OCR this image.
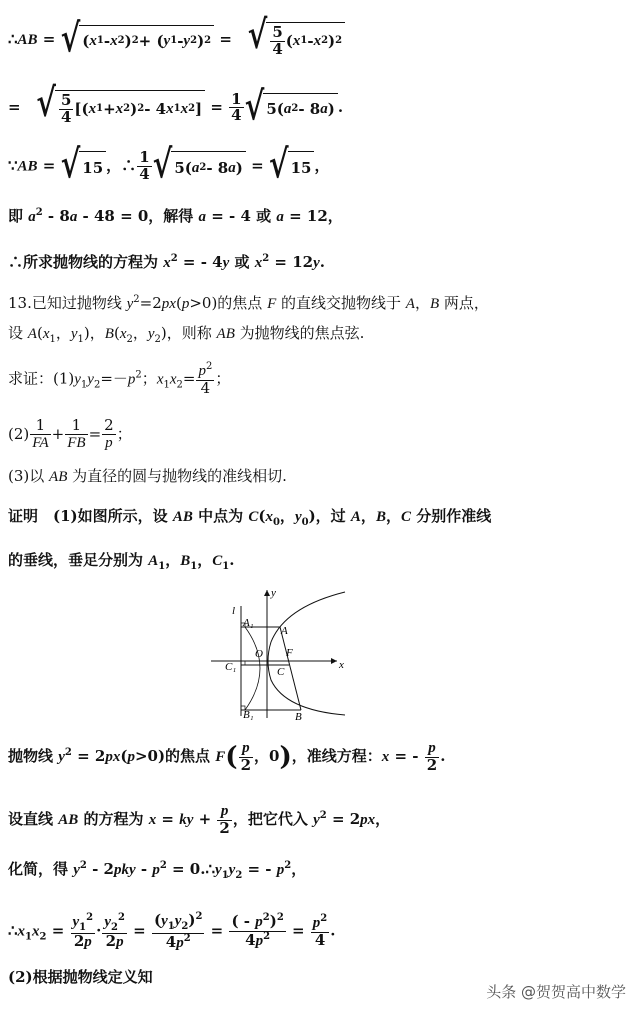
∴AB = √ ( x 1 - x 2 ) 2 + ( y 1 - y 2 ) 2 = √ $\frac{5}{4}$ ( x 1 - x 2 ) 2
= √ $\frac{5}{4}$ [( x 1 + x 2 ) 2 - 4 x 1 x 2 ] = $\frac{1}{4}$ √ 5( a 2 - 8 a ) .
∵AB = √ 15 ，∴ $\frac{1}{4}$ √ 5( a 2 - 8 a ) = √ 15 ，
即 $a^2 - 8a - 48 = 0$，解得 a = - 4 或 a = 12，
∴所求抛物线的方程为 $x^2$ = - 4y 或 $x^2 = 12y$.
13.已知过抛物线 $y^2=2px(p>0)$的焦点 F 的直线交抛物线于 A，B 两点，
设 $A(x_1$，$y_1$)，$B(x_2$，$y_2$)，则称 AB 为抛物线的焦点弦.
求证：$(1)y_1y_2=-p^2$；$x_1x_2= \frac{p^2}{4}$ ；
$(2) \frac{1}{FA} + \frac{1}{FB} = \frac{2}{p}$ ；
(3)以 AB 为直径的圆与抛物线的准线相切.
证明　(1)如图所示，设 AB 中点为 $C(x_0$，$y_0$)，过 A，B，C 分别作准线
的垂线，垂足分别为 $A_1$，$B_1$，$C_1$.
y
x
l
A₁
A
O F
C₁	C
B₁	B
抛物线 $y^2 = 2px(p>0)$的焦点 $F( \frac{p}{2}$ ，0)，准线方程：x = - $\frac{p}{2}$ .
设直线 AB 的方程为 x = ky + $\frac{p}{2}$ ，把它代入 $y^2 = 2px$，
化简，得 $y^2 - 2pky - p^2$ = $0.\therefore y_1y_2$ = - $p^2$，
$\therefore x_1x_2 = \frac{y_1^2}{2p} \cdot \frac{y_2^2}{2p} = \frac{(y_1y_2)^2}{4p^2} = \frac{( - p^2)^2}{4p^2} = \frac{p^2}{4}$ .
(2)根据抛物线定义知
头条 @贺贺高中数学
